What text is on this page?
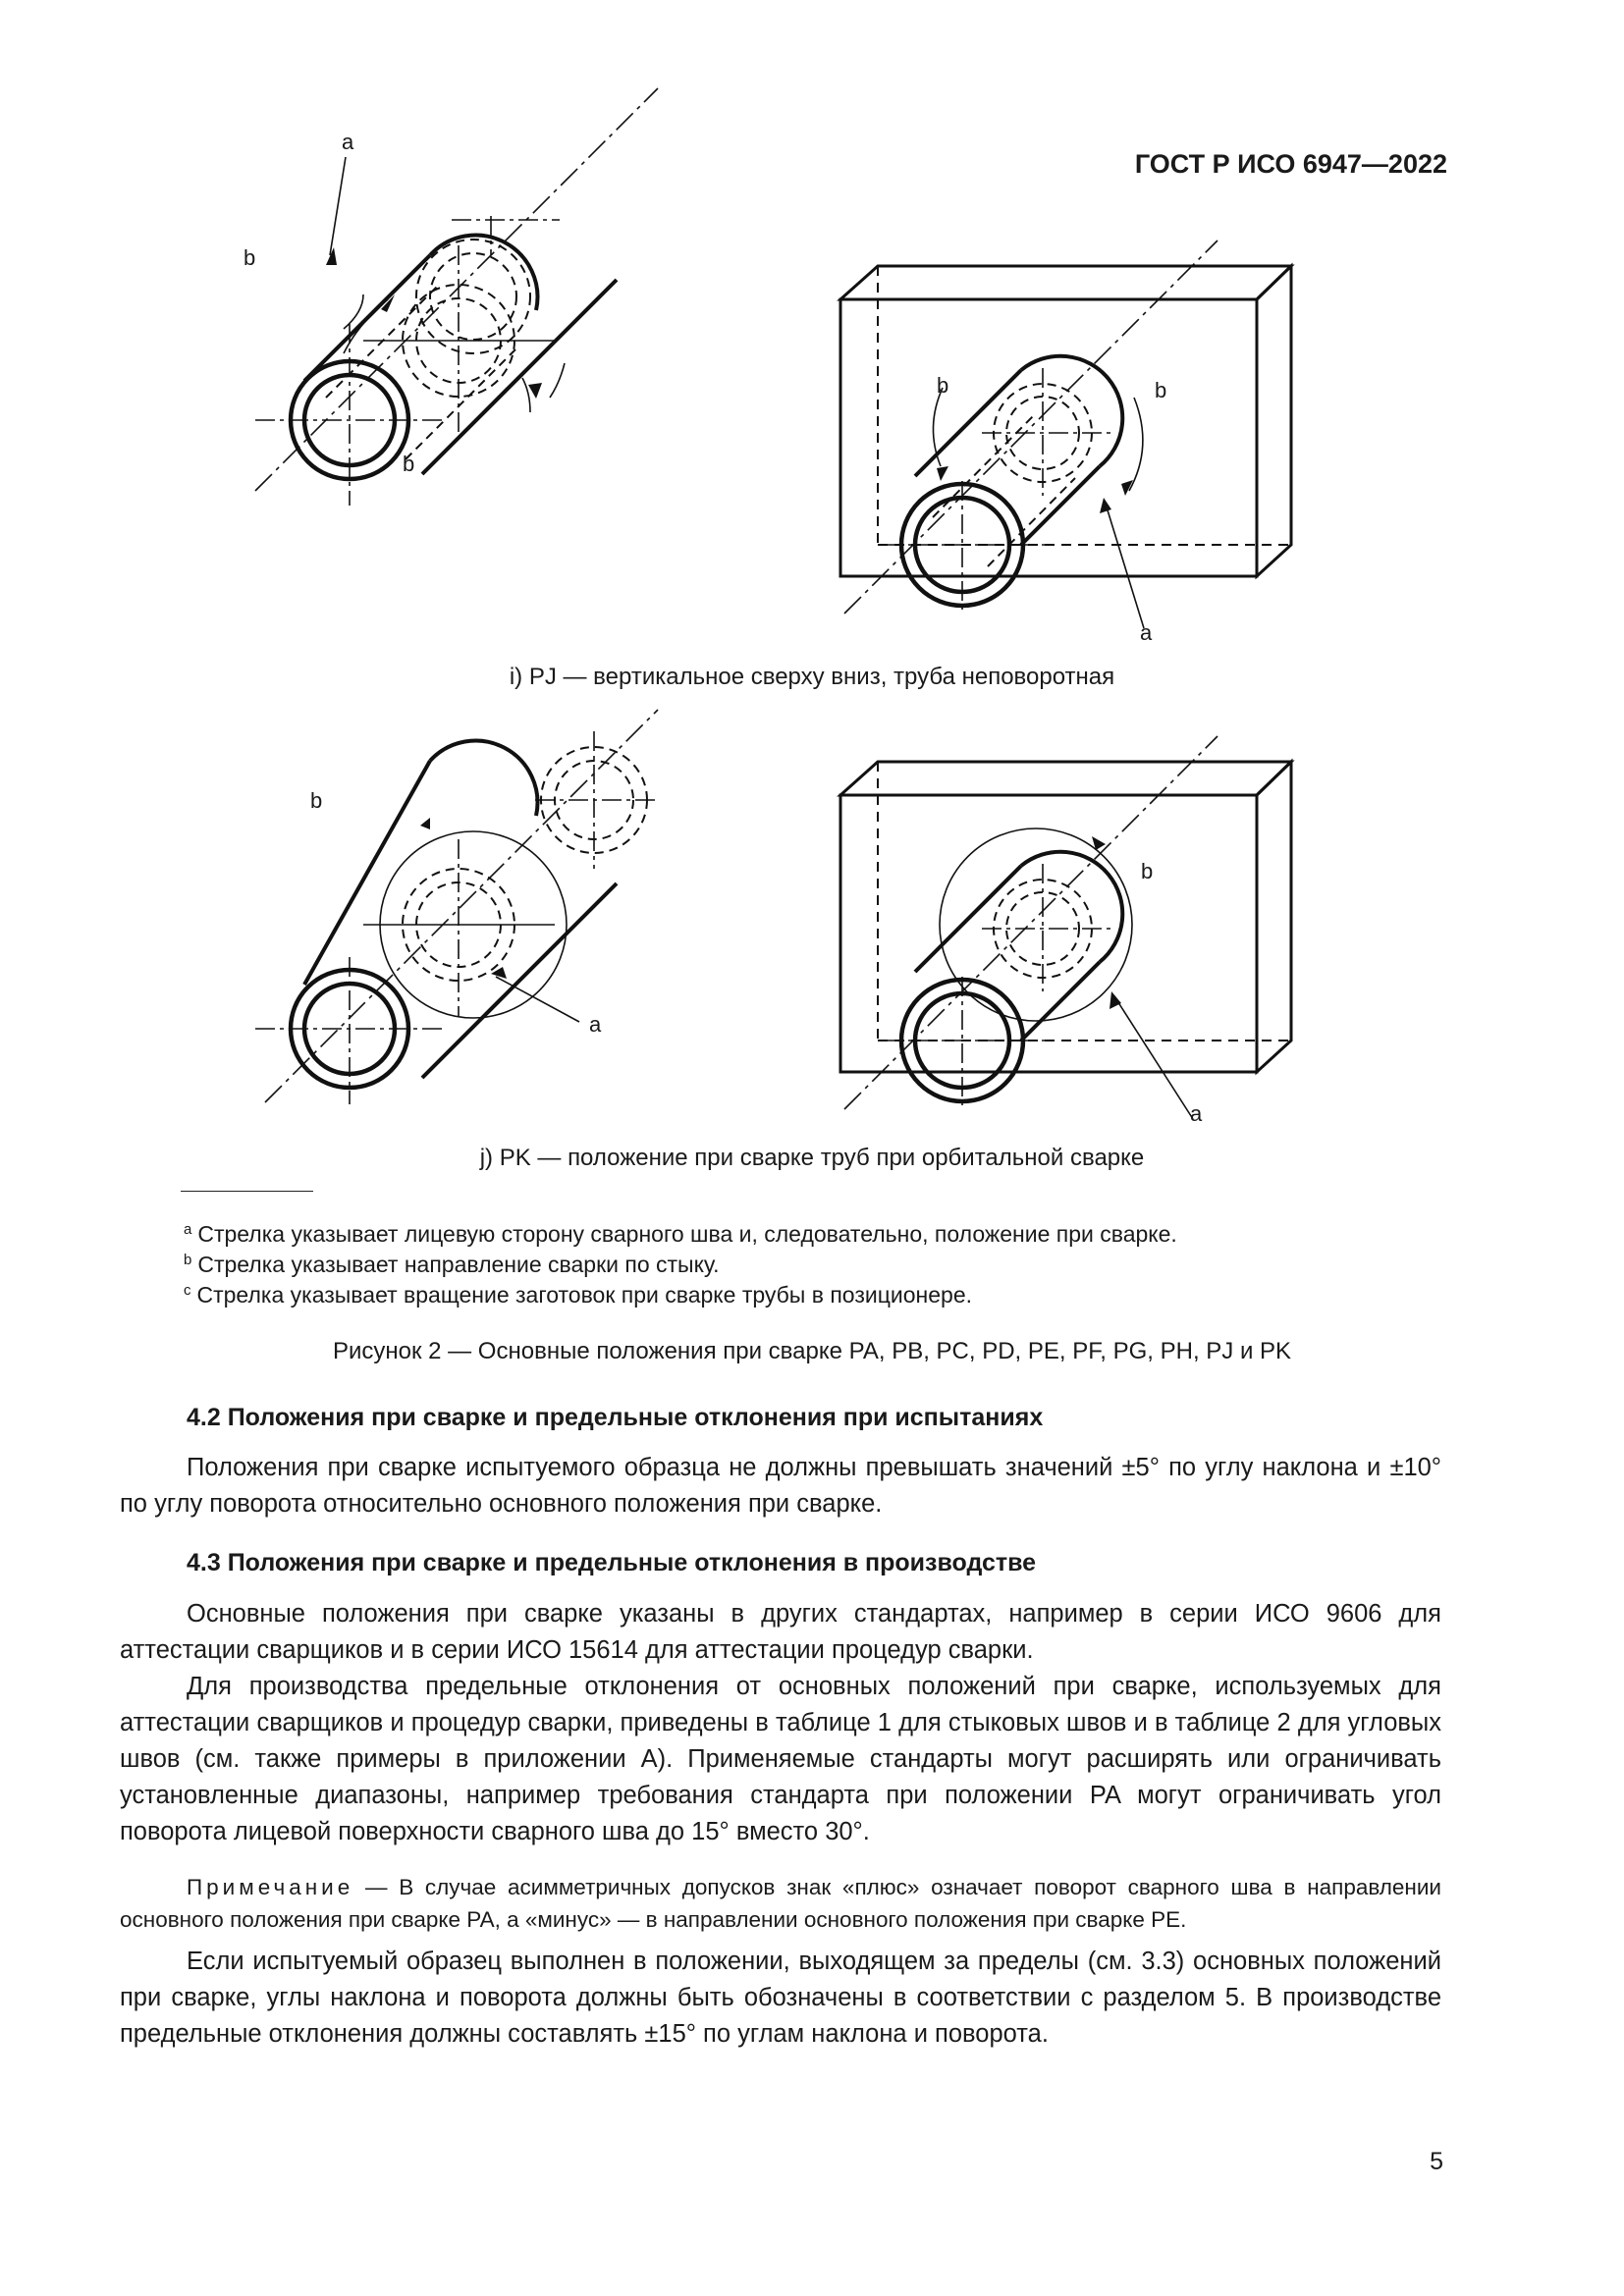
ГОСТ Р ИСО 6947—2022
a
b
b
b	b
a
i) PJ — вертикальное сверху вниз, труба неповоротная
b
a
b
a
j) PK — положение при сварке труб при орбитальной сварке
$^a$ Стрелка указывает лицевую сторону сварного шва и, следовательно, положение при сварке.
$^b$ Стрелка указывает направление сварки по стыку.
$^c$ Стрелка указывает вращение заготовок при сварке трубы в позиционере.
Рисунок 2 — Основные положения при сварке PA, PB, PC, PD, PE, PF, PG, PH, PJ и PK
4.2 Положения при сварке и предельные отклонения при испытаниях

Положения при сварке испытуемого образца не должны превышать значений ±5° по углу наклона и ±10° по углу поворота относительно основного положения при сварке.

4.3 Положения при сварке и предельные отклонения в производстве

Основные положения при сварке указаны в других стандартах, например в серии ИСО 9606 для аттестации сварщиков и в серии ИСО 15614 для аттестации процедур сварки.

Для производства предельные отклонения от основных положений при сварке, используемых для аттестации сварщиков и процедур сварки, приведены в таблице 1 для стыковых швов и в таблице 2 для угловых швов (см. также примеры в приложении А). Применяемые стандарты могут расширять или ограничивать установленные диапазоны, например требования стандарта при положении PA могут ограничивать угол поворота лицевой поверхности сварного шва до 15° вместо 30°.

Примечание — В случае асимметричных допусков знак «плюс» означает поворот сварного шва в направлении основного положения при сварке PA, а «минус» — в направлении основного положения при сварке PE.

Если испытуемый образец выполнен в положении, выходящем за пределы (см. 3.3) основных положений при сварке, углы наклона и поворота должны быть обозначены в соответствии с разделом 5. В производстве предельные отклонения должны составлять ±15° по углам наклона и поворота.

5
